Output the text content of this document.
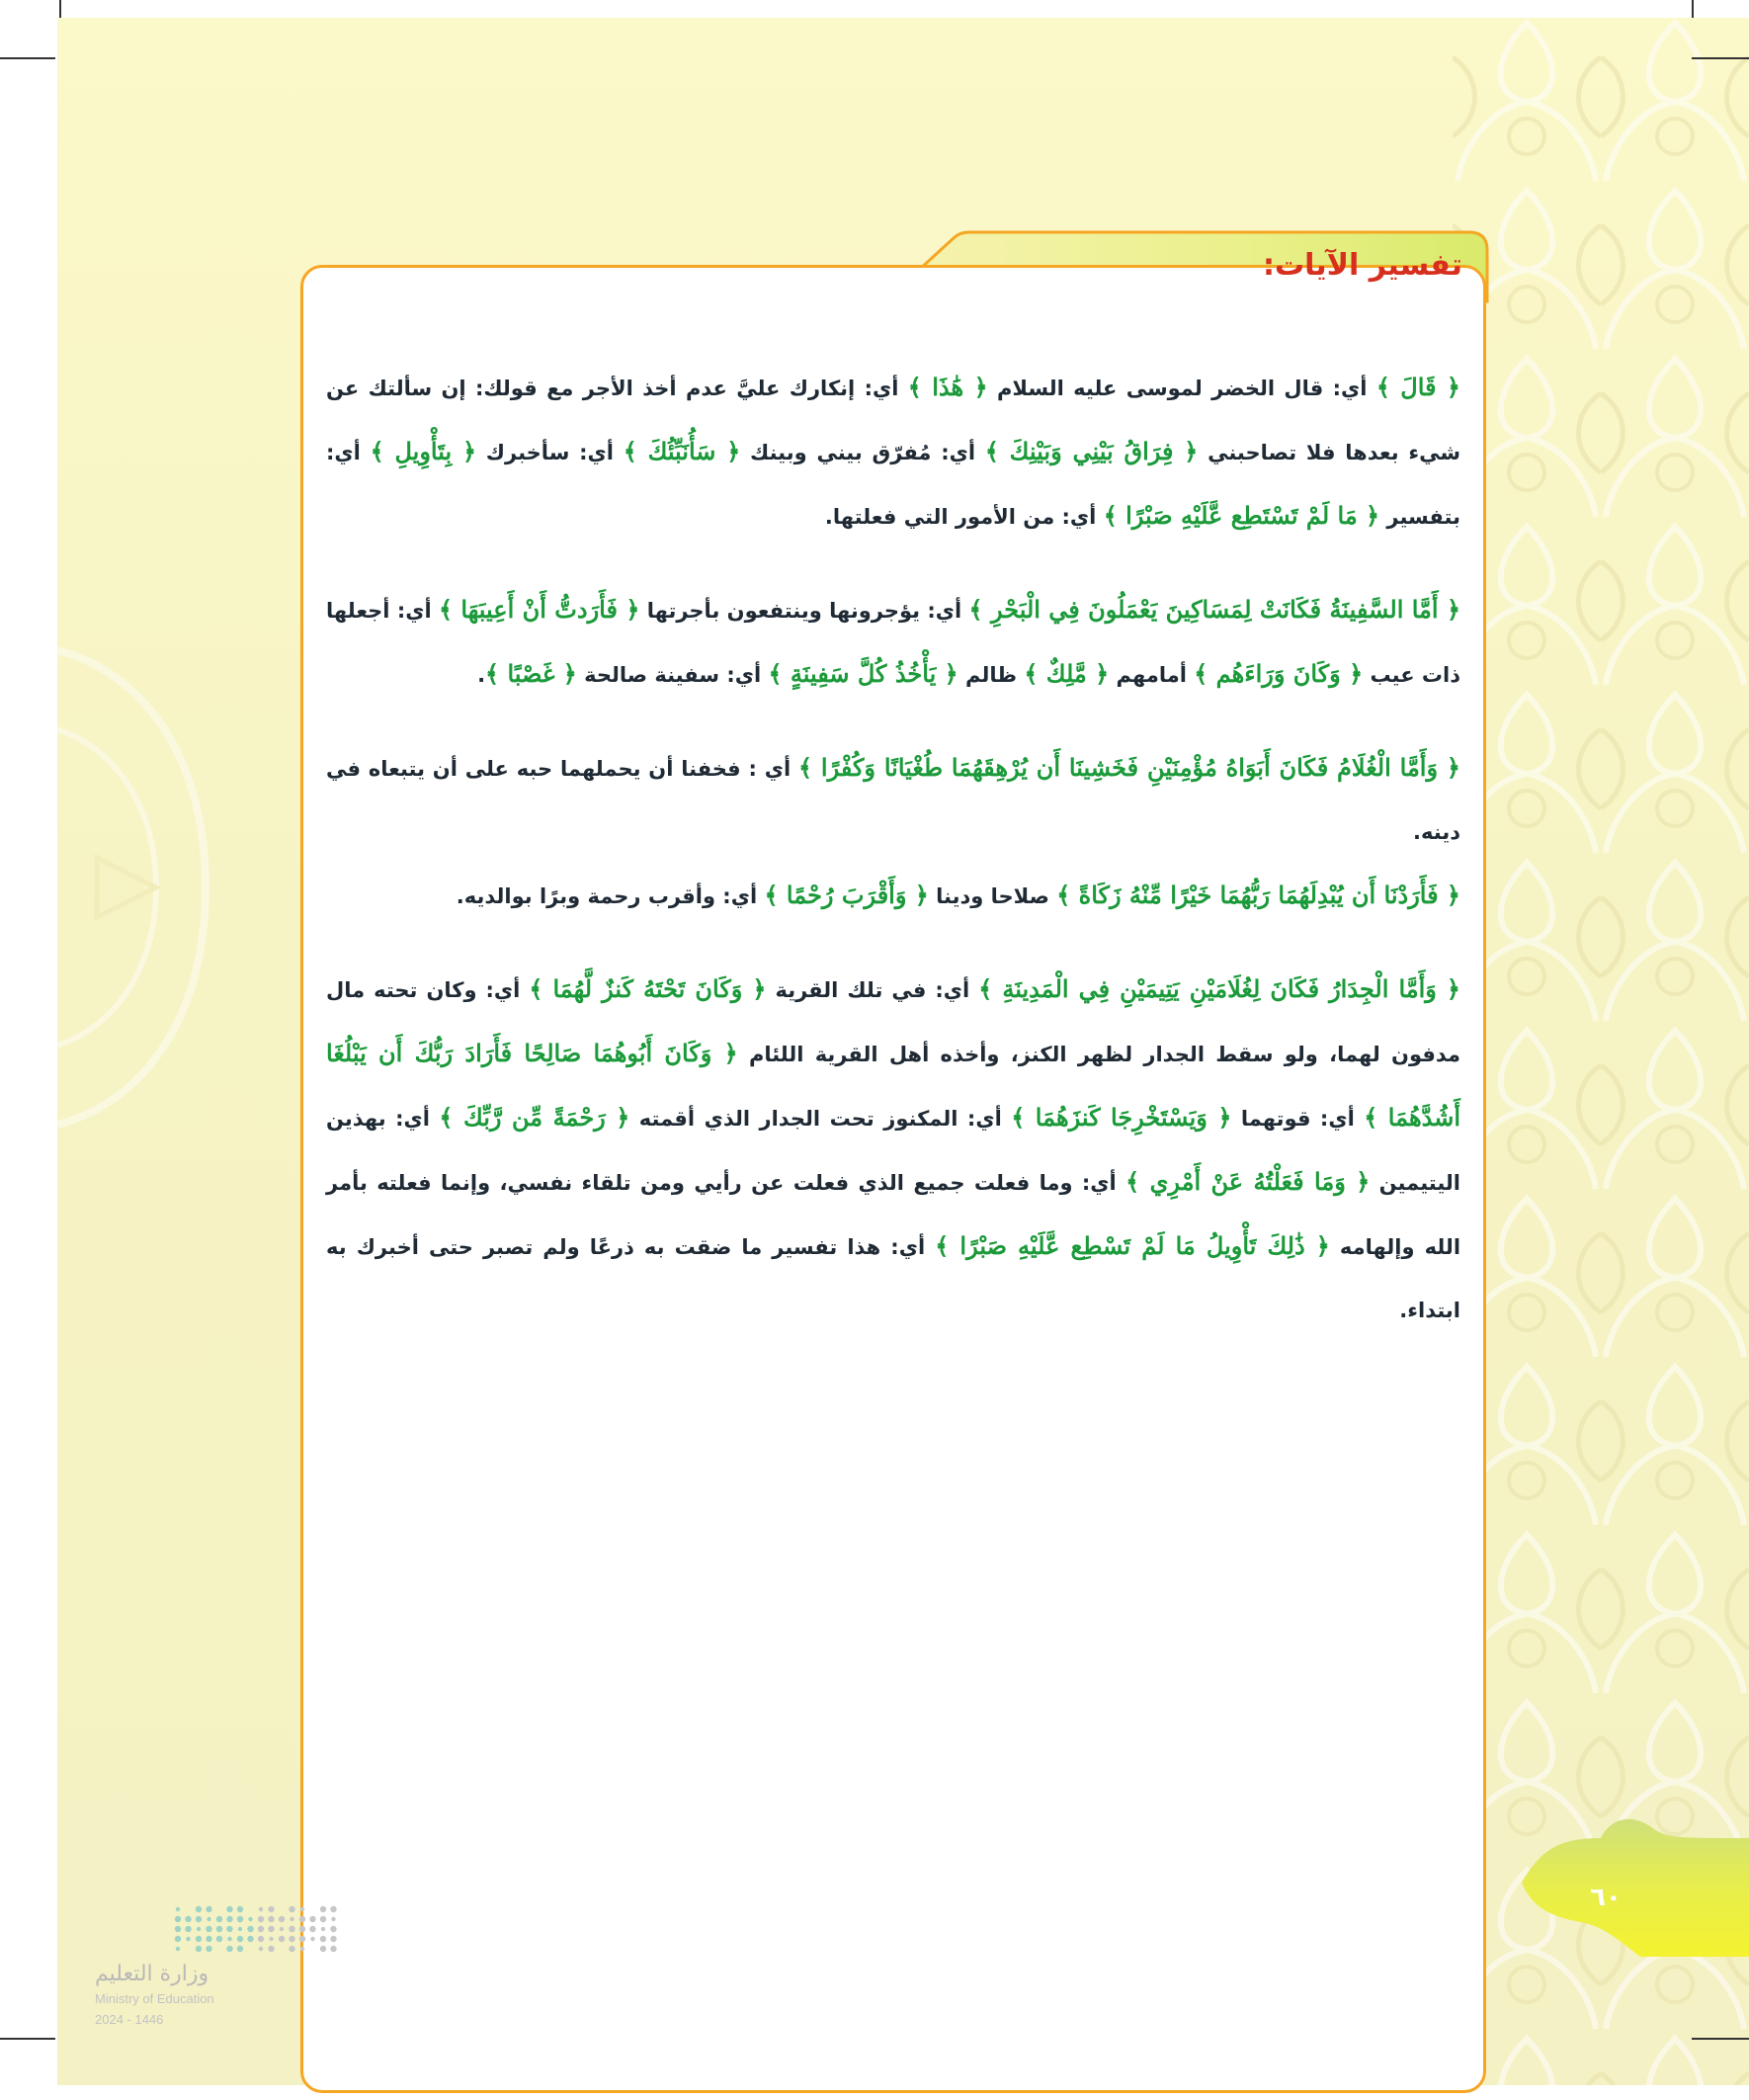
تفسير الآيات:

﴿ قَالَ ﴾ أي: قال الخضر لموسى عليه السلام ﴿ هَٰذَا ﴾ أي: إنكارك عليَّ عدم أخذ الأجر مع قولك: إن سألتك عن شيء بعدها فلا تصاحبني ﴿ فِرَاقُ بَيْنِي وَبَيْنِكَ ﴾ أي: مُفرّق بيني وبينك ﴿ سَأُنَبِّئُكَ ﴾ أي: سأخبرك ﴿ بِتَأْوِيلِ ﴾ أي: بتفسير ﴿ مَا لَمْ تَسْتَطِع عَّلَيْهِ صَبْرًا ﴾ أي: من الأمور التي فعلتها.

﴿ أَمَّا السَّفِينَةُ فَكَانَتْ لِمَسَاكِينَ يَعْمَلُونَ فِي الْبَحْرِ ﴾ أي: يؤجرونها وينتفعون بأجرتها ﴿ فَأَرَدتُّ أَنْ أَعِيبَهَا ﴾ أي: أجعلها ذات عيب ﴿ وَكَانَ وَرَاءَهُم ﴾ أمامهم ﴿ مَّلِكٌ ﴾ ظالم ﴿ يَأْخُذُ كُلَّ سَفِينَةٍ ﴾ أي: سفينة صالحة ﴿ غَصْبًا ﴾.

﴿ وَأَمَّا الْغُلَامُ فَكَانَ أَبَوَاهُ مُؤْمِنَيْنِ فَخَشِينَا أَن يُرْهِقَهُمَا طُغْيَانًا وَكُفْرًا ﴾ أي : فخفنا أن يحملهما حبه على أن يتبعاه في دينه.

﴿ فَأَرَدْنَا أَن يُبْدِلَهُمَا رَبُّهُمَا خَيْرًا مِّنْهُ زَكَاةً ﴾ صلاحا ودينا ﴿ وَأَقْرَبَ رُحْمًا ﴾ أي: وأقرب رحمة وبرًا بوالديه.

﴿ وَأَمَّا الْجِدَارُ فَكَانَ لِغُلَامَيْنِ يَتِيمَيْنِ فِي الْمَدِينَةِ ﴾ أي: في تلك القرية ﴿ وَكَانَ تَحْتَهُ كَنزٌ لَّهُمَا ﴾ أي: وكان تحته مال مدفون لهما، ولو سقط الجدار لظهر الكنز، وأخذه أهل القرية اللئام ﴿ وَكَانَ أَبُوهُمَا صَالِحًا فَأَرَادَ رَبُّكَ أَن يَبْلُغَا أَشُدَّهُمَا ﴾ أي: قوتهما ﴿ وَيَسْتَخْرِجَا كَنزَهُمَا ﴾ أي: المكنوز تحت الجدار الذي أقمته ﴿ رَحْمَةً مِّن رَّبِّكَ ﴾ أي: بهذين اليتيمين ﴿ وَمَا فَعَلْتُهُ عَنْ أَمْرِي ﴾ أي: وما فعلت جميع الذي فعلت عن رأيي ومن تلقاء نفسي، وإنما فعلته بأمر الله وإلهامه ﴿ ذَٰلِكَ تَأْوِيلُ مَا لَمْ تَسْطِع عَّلَيْهِ صَبْرًا ﴾ أي: هذا تفسير ما ضقت به ذرعًا ولم تصبر حتى أخبرك به ابتداء.

٦٠
وزارة التعليم
Ministry of Education
2024 - 1446
